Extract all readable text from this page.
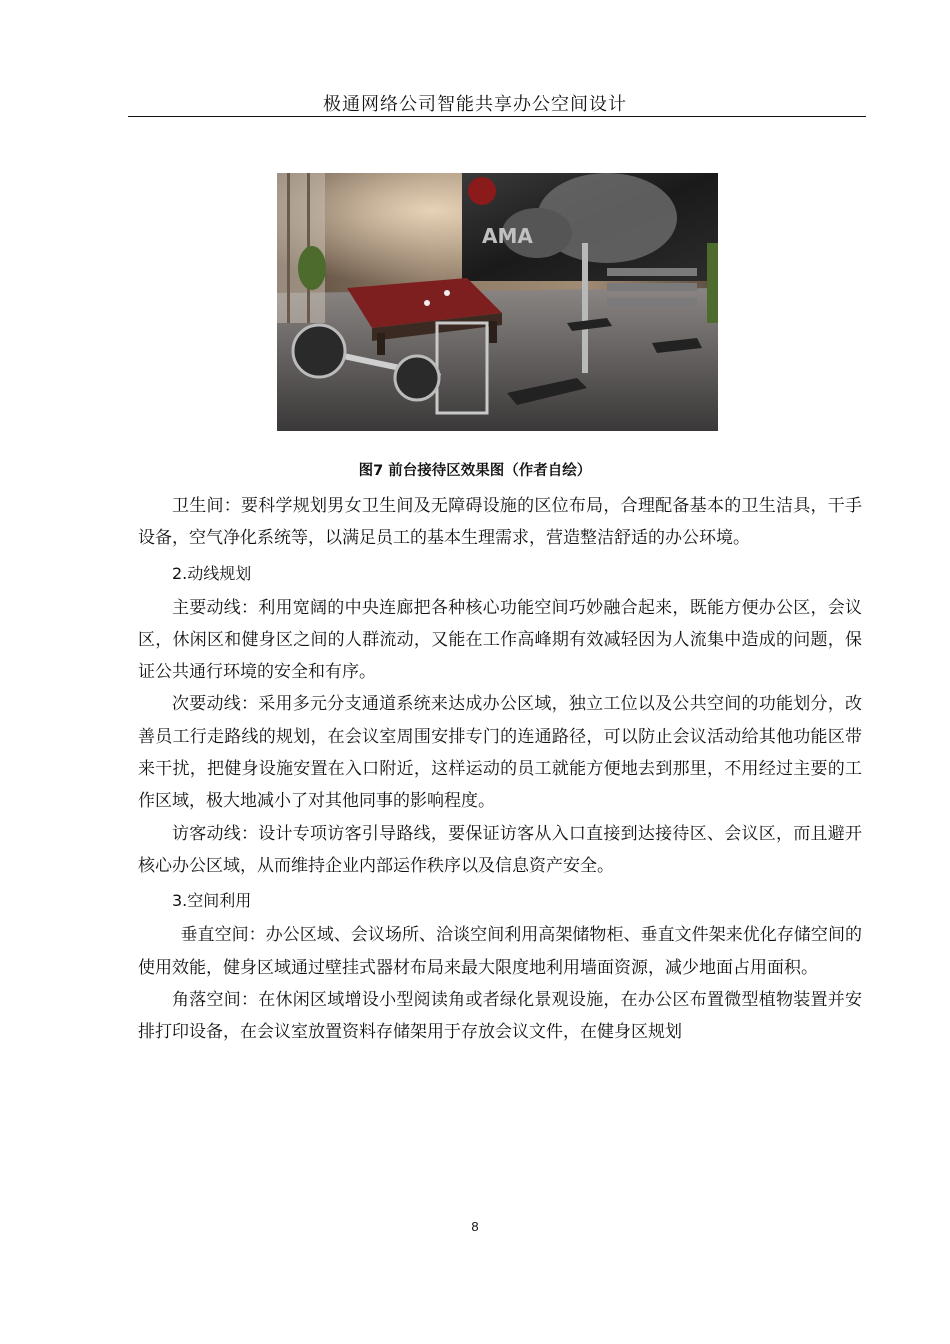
极通网络公司智能共享办公空间设计
AMA
图7 前台接待区效果图（作者自绘）

卫生间：要科学规划男女卫生间及无障碍设施的区位布局，合理配备基本的卫生洁具，干手设备，空气净化系统等，以满足员工的基本生理需求，营造整洁舒适的办公环境。

2.动线规划

主要动线：利用宽阔的中央连廊把各种核心功能空间巧妙融合起来，既能方便办公区，会议区，休闲区和健身区之间的人群流动，又能在工作高峰期有效减轻因为人流集中造成的问题，保证公共通行环境的安全和有序。

次要动线：采用多元分支通道系统来达成办公区域，独立工位以及公共空间的功能划分，改善员工行走路线的规划，在会议室周围安排专门的连通路径，可以防止会议活动给其他功能区带来干扰，把健身设施安置在入口附近，这样运动的员工就能方便地去到那里，不用经过主要的工作区域，极大地减小了对其他同事的影响程度。

访客动线：设计专项访客引导路线，要保证访客从入口直接到达接待区、会议区，而且避开核心办公区域，从而维持企业内部运作秩序以及信息资产安全。

3.空间利用

垂直空间：办公区域、会议场所、洽谈空间利用高架储物柜、垂直文件架来优化存储空间的使用效能，健身区域通过壁挂式器材布局来最大限度地利用墙面资源，减少地面占用面积。

角落空间：在休闲区域增设小型阅读角或者绿化景观设施，在办公区布置微型植物装置并安排打印设备，在会议室放置资料存储架用于存放会议文件，在健身区规划

8
